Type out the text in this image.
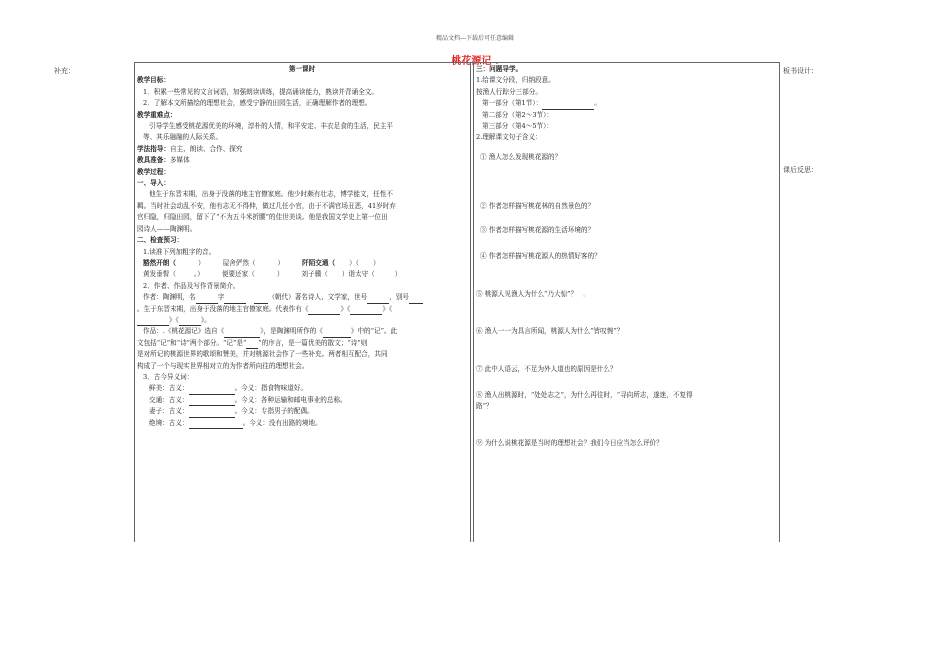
精品文档---下载后可任意编辑
补充：	板书设计：
课后反思：

第一课时

教学目标：

1．积累一些常见的文言词语，加强朗读训练，提高诵读能力，熟读并背诵全文。

2．了解本文所描绘的理想社会，感受宁静的田园生活，正确理解作者的理想。

教学重难点：

引导学生感受桃花源优美的环境，淳朴的人情，和平安定、丰衣足食的生活，民主平

等、其乐融融的人际关系。

学法指导：自主、朗读、合作、探究

教具准备：多媒体

教学过程：

一、导入：

他生于东晋末期，出身于没落的地主官僚家庭。他少时颇有壮志，博学能文，任性不

羁。当时社会动乱不安，他有志无不得伸，做过几任小官，由于不满官场丑恶，41岁时弃

官归隐，归隐田园，留下了“不为五斗米折腰”的佳世美谈。他是我国文学史上第一位田

园诗人——陶渊明。

二、检查预习：

1.读准下列加粗字的音。

豁然开朗（	）	屋舍俨然（	）	阡陌交通（ ）（ ）

黄发垂髫（	。）	便要还家（	）	刘子骥（ ）诣太守（	）

2．作者、作品及写作背景简介。

作者：陶渊明，名	字	（朝代）著名诗人、文学家，世号	，别号

。生于东晋末期，出身于没落的地主官僚家庭。代表作有《	》《	》《

》《	》。

作品：.《桃花源记》选自《	》，是陶渊明所作的《	》中的“记”。此

文包括“记”和“诗”两个部分。“记”是“ ”的序言，是一篇优美的散文；“诗”则

是对所记的桃源世界的歌颂和赞美，并对桃源社会作了一些补充。两者相互配合，共同

构成了一个与现实世界相对立的为作者所向往的理想社会。

3．古今异义词：

鲜美：古义：	。今义：指食物味道好。

交通：古义：	。今义：各种运输和邮电事业的总称。

妻子：古义：	。今义：专指男子的配偶。

绝境：古义：	。今义：没有出路的境地。

三：问题导学。

1.给课文分段，归纳段意。

按渔人行踪分三部分。

第一部分（第1节）：	。

第二部分（第2～3节）：

第三部分（第4～5节）：

2.理解课文句子含义：

① 渔人怎么发现桃花源的？
② 作者怎样描写桃花林的自然景色的？
③ 作者怎样描写桃花源的生活环境的？
④ 作者怎样描写桃花源人的热情好客的？
⑤ 桃源人见渔人为什么“乃大惊”？ 。
⑥ 渔人一一为具言所闻，桃源人为什么“皆叹惋”？
⑦ 此中人语云，不足为外人道也的原因是什么？

⑧ 渔人出桃源时，“处处志之”，为什么再往时，“寻向所志，遂迷，不复得

路”？

⑨ 为什么说桃花源是当时的理想社会？我们今日应当怎么评价？
